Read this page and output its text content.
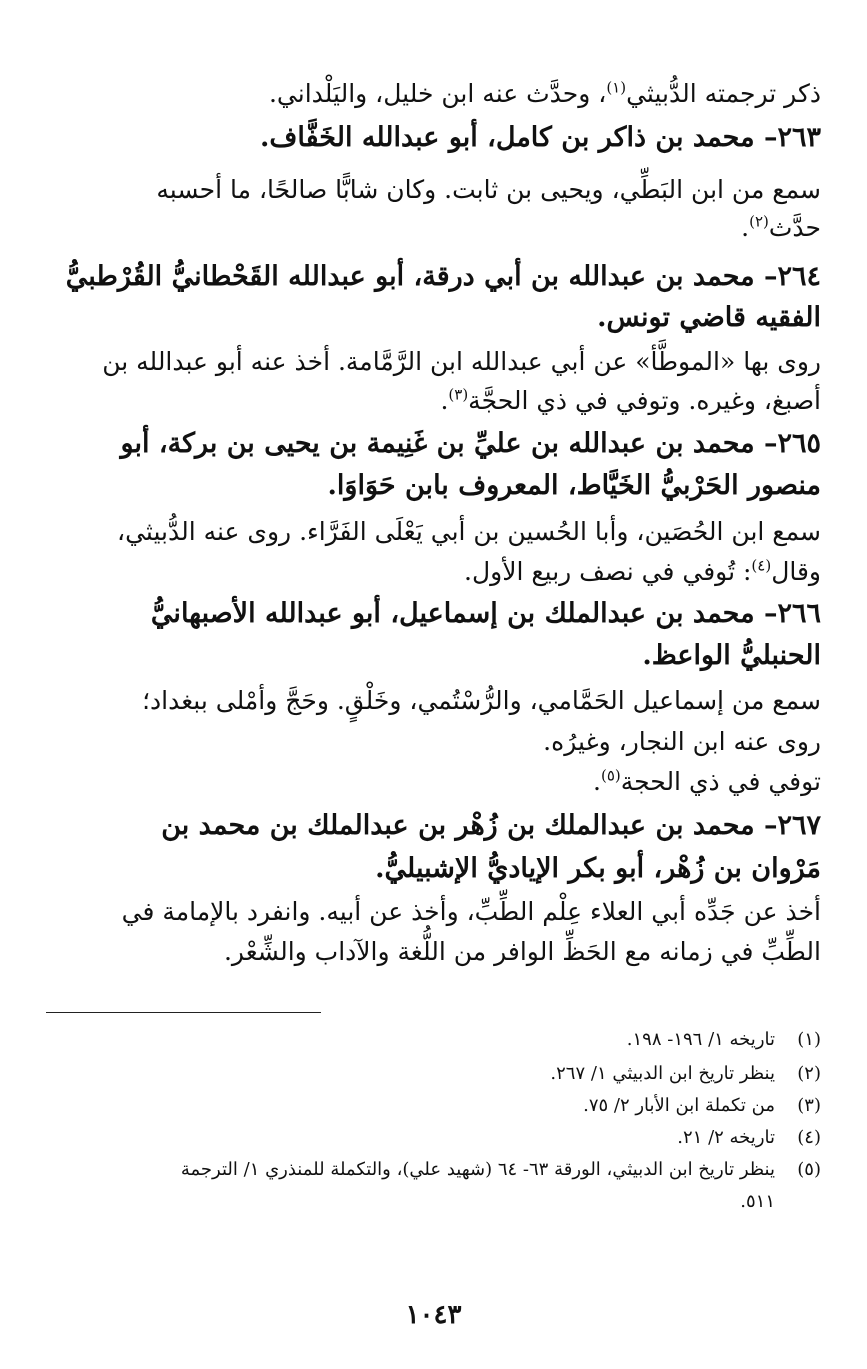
ذكر ترجمته الدُّبيثي$^{(١)}$، وحدَّث عنه ابن خليل، واليَلْداني.
٢٦٣– محمد بن ذاكر بن كامل، أبو عبدالله الخَفَّاف.
سمع من ابن البَطِّي، ويحيى بن ثابت. وكان شابًّا صالحًا، ما أحسبه
حدَّث$^{(٢)}$.
٢٦٤– محمد بن عبدالله بن أبي درقة، أبو عبدالله القَحْطانيُّ القُرْطبيُّ
الفقيه قاضي تونس.
روى بها «الموطَّأ» عن أبي عبدالله ابن الرَّمَّامة. أخذ عنه أبو عبدالله بن
أصبغ، وغيره. وتوفي في ذي الحجَّة$^{(٣)}$.
٢٦٥– محمد بن عبدالله بن عليِّ بن غَنِيمة بن يحيى بن بركة، أبو
منصور الحَرْبيُّ الخَيَّاط، المعروف بابن حَوَاوَا.
سمع ابن الحُصَين، وأبا الحُسين بن أبي يَعْلَى الفَرَّاء. روى عنه الدُّبيثي،
وقال$^{(٤)}$: تُوفي في نصف ربيع الأول.
٢٦٦– محمد بن عبدالملك بن إسماعيل، أبو عبدالله الأصبهانيُّ
الحنبليُّ الواعظ.
سمع من إسماعيل الحَمَّامي، والرُّسْتُمي، وخَلْقٍ. وحَجَّ وأمْلى ببغداد؛
روى عنه ابن النجار، وغيرُه.
توفي في ذي الحجة$^{(٥)}$.
٢٦٧– محمد بن عبدالملك بن زُهْر بن عبدالملك بن محمد بن
مَرْوان بن زُهْر، أبو بكر الإياديُّ الإشبيليُّ.
أخذ عن جَدِّه أبي العلاء عِلْم الطِّبِّ، وأخذ عن أبيه. وانفرد بالإمامة في
الطِّبِّ في زمانه مع الحَظِّ الوافر من اللُّغة والآداب والشِّعْر.
(١)تاريخه ١/ ١٩٦- ١٩٨.
(٢)ينظر تاريخ ابن الدبيثي ١/ ٢٦٧.
(٣)من تكملة ابن الأبار ٢/ ٧٥.
(٤)تاريخه ٢/ ٢١.
(٥)ينظر تاريخ ابن الدبيثي، الورقة ٦٣- ٦٤ (شهيد علي)، والتكملة للمنذري ١/ الترجمة
٥١١.
١٠٤٣
